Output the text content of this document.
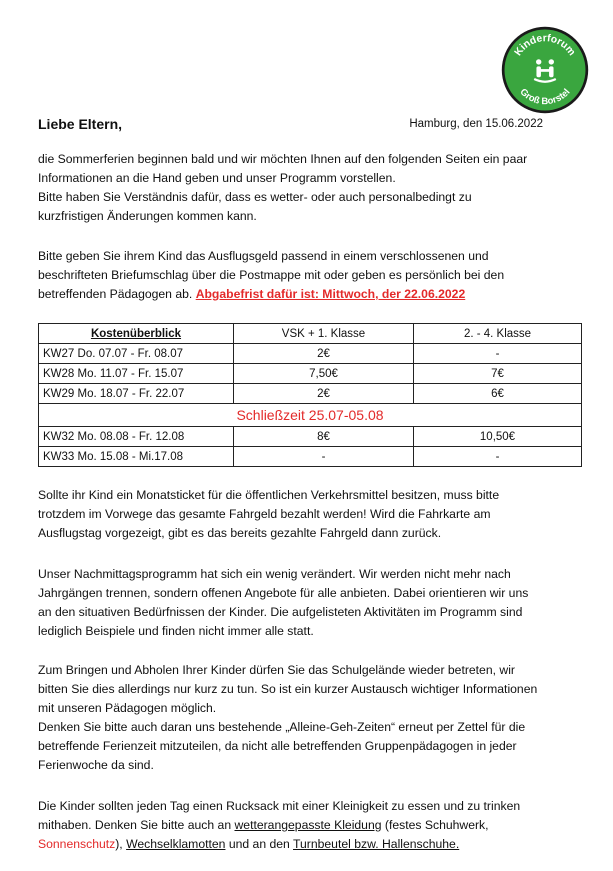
Kinderforum
Groß Borstel
Liebe Eltern,	Hamburg, den 15.06.2022

die Sommerferien beginnen bald und wir möchten Ihnen auf den folgenden Seiten ein paar
Informationen an die Hand geben und unser Programm vorstellen.
Bitte haben Sie Verständnis dafür, dass es wetter- oder auch personalbedingt zu
kurzfristigen Änderungen kommen kann.

Bitte geben Sie ihrem Kind das Ausflugsgeld passend in einem verschlossenen und
beschrifteten Briefumschlag über die Postmappe mit oder geben es persönlich bei den
betreffenden Pädagogen ab. Abgabefrist dafür ist: Mittwoch, der 22.06.2022

Kostenüberblick	VSK + 1. Klasse	2. - 4. Klasse
KW27 Do. 07.07 - Fr. 08.07	2€	-
KW28 Mo. 11.07 - Fr. 15.07	7,50€	7€
KW29 Mo. 18.07 - Fr. 22.07	2€	6€
Schließzeit 25.07-05.08		
KW32 Mo. 08.08 - Fr. 12.08	8€	10,50€
KW33 Mo. 15.08 - Mi.17.08	-	-

Sollte ihr Kind ein Monatsticket für die öffentlichen Verkehrsmittel besitzen, muss bitte
trotzdem im Vorwege das gesamte Fahrgeld bezahlt werden! Wird die Fahrkarte am
Ausflugstag vorgezeigt, gibt es das bereits gezahlte Fahrgeld dann zurück.

Unser Nachmittagsprogramm hat sich ein wenig verändert. Wir werden nicht mehr nach
Jahrgängen trennen, sondern offenen Angebote für alle anbieten. Dabei orientieren wir uns
an den situativen Bedürfnissen der Kinder. Die aufgelisteten Aktivitäten im Programm sind
lediglich Beispiele und finden nicht immer alle statt.

Zum Bringen und Abholen Ihrer Kinder dürfen Sie das Schulgelände wieder betreten, wir
bitten Sie dies allerdings nur kurz zu tun. So ist ein kurzer Austausch wichtiger Informationen
mit unseren Pädagogen möglich.
Denken Sie bitte auch daran uns bestehende „Alleine-Geh-Zeiten“ erneut per Zettel für die
betreffende Ferienzeit mitzuteilen, da nicht alle betreffenden Gruppenpädagogen in jeder
Ferienwoche da sind.

Die Kinder sollten jeden Tag einen Rucksack mit einer Kleinigkeit zu essen und zu trinken
mithaben. Denken Sie bitte auch an wetterangepasste Kleidung (festes Schuhwerk,
Sonnenschutz), Wechselklamotten und an den Turnbeutel bzw. Hallenschuhe.
